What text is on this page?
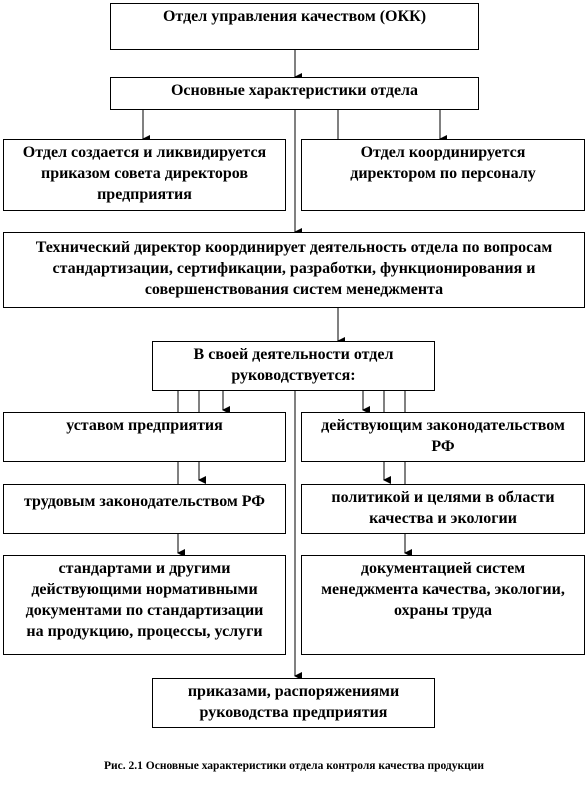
Отдел управления качеством (ОКК)
Основные характеристики отдела
Отдел создается и ликвидируется
приказом совета директоров
предприятия
Отдел координируется
директором по персоналу
Технический директор координирует деятельность отдела по вопросам
стандартизации, сертификации, разработки, функционирования и
совершенствования систем менеджмента
В своей деятельности отдел
руководствуется:
уставом предприятия	действующим законодательством
РФ
трудовым законодательством РФ	политикой и целями в области
качества и экологии
стандартами и другими
действующими нормативными
документами по стандартизации
на продукцию, процессы, услуги
документацией систем
менеджмента качества, экологии,
охраны труда
приказами, распоряжениями
руководства предприятия
Рис. 2.1 Основные характеристики отдела контроля качества продукции
